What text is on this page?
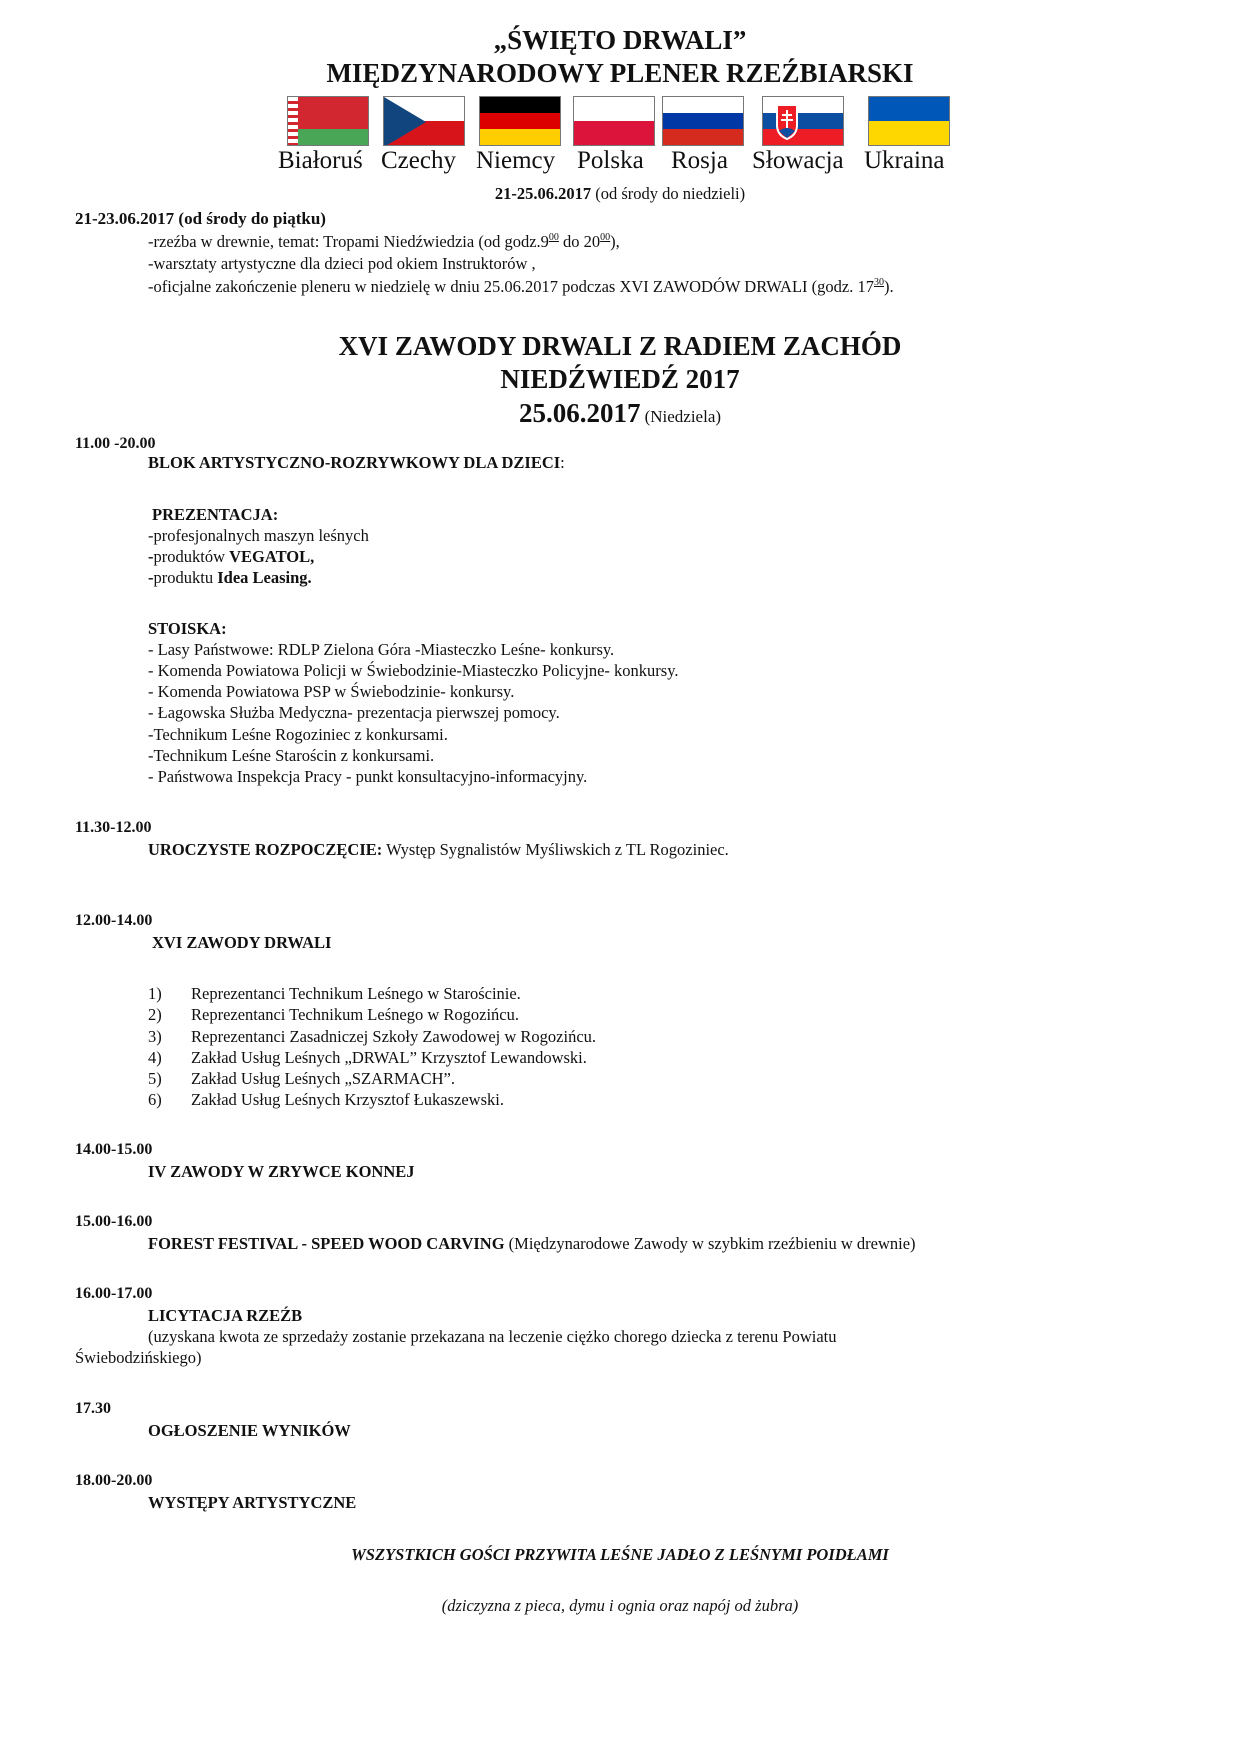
„ŚWIĘTO DRWALI”
MIĘDZYNARODOWY PLENER RZEŹBIARSKI
Białoruś Czechy Niemcy Polska Rosja Słowacja Ukraina
21-25.06.2017 (od środy do niedzieli)
21-23.06.2017 (od środy do piątku)
-rzeźba w drewnie, temat: Tropami Niedźwiedzia (od $godz.9^{00}$ do $20^{00}$),
-warsztaty artystyczne dla dzieci pod okiem Instruktorów ,
-oficjalne zakończenie pleneru w niedzielę w dniu 25.06.2017 podczas XVI ZAWODÓW DRWALI (godz. $17^{30}$).
XVI ZAWODY DRWALI Z RADIEM ZACHÓD
NIEDŹWIEDŹ 2017
25.06.2017 (Niedziela)
11.00 -20.00
BLOK ARTYSTYCZNO-ROZRYWKOWY DLA DZIECI:
PREZENTACJA:
-profesjonalnych maszyn leśnych
-produktów VEGATOL,
-produktu Idea Leasing.
STOISKA:
- Lasy Państwowe: RDLP Zielona Góra -Miasteczko Leśne- konkursy.
- Komenda Powiatowa Policji w Świebodzinie-Miasteczko Policyjne- konkursy.
- Komenda Powiatowa PSP w Świebodzinie- konkursy.
- Łagowska Służba Medyczna- prezentacja pierwszej pomocy.
-Technikum Leśne Rogoziniec z konkursami.
-Technikum Leśne Starościn z konkursami.
- Państwowa Inspekcja Pracy - punkt konsultacyjno-informacyjny.
11.30-12.00
UROCZYSTE ROZPOCZĘCIE: Występ Sygnalistów Myśliwskich z TL Rogoziniec.
12.00-14.00
XVI ZAWODY DRWALI
1) Reprezentanci Technikum Leśnego w Starościnie.
2) Reprezentanci Technikum Leśnego w Rogozińcu.
3) Reprezentanci Zasadniczej Szkoły Zawodowej w Rogozińcu.
4) Zakład Usług Leśnych „DRWAL” Krzysztof Lewandowski.
5) Zakład Usług Leśnych „SZARMACH”.
6) Zakład Usług Leśnych Krzysztof Łukaszewski.
14.00-15.00
IV ZAWODY W ZRYWCE KONNEJ
15.00-16.00
FOREST FESTIVAL - SPEED WOOD CARVING (Międzynarodowe Zawody w szybkim rzeźbieniu w drewnie)
16.00-17.00
LICYTACJA RZEŹB
(uzyskana kwota ze sprzedaży zostanie przekazana na leczenie ciężko chorego dziecka z terenu Powiatu
Świebodzińskiego)
17.30
OGŁOSZENIE WYNIKÓW
18.00-20.00
WYSTĘPY ARTYSTYCZNE
WSZYSTKICH GOŚCI PRZYWITA LEŚNE JADŁO Z LEŚNYMI POIDŁAMI
(dziczyzna z pieca, dymu i ognia oraz napój od żubra)
